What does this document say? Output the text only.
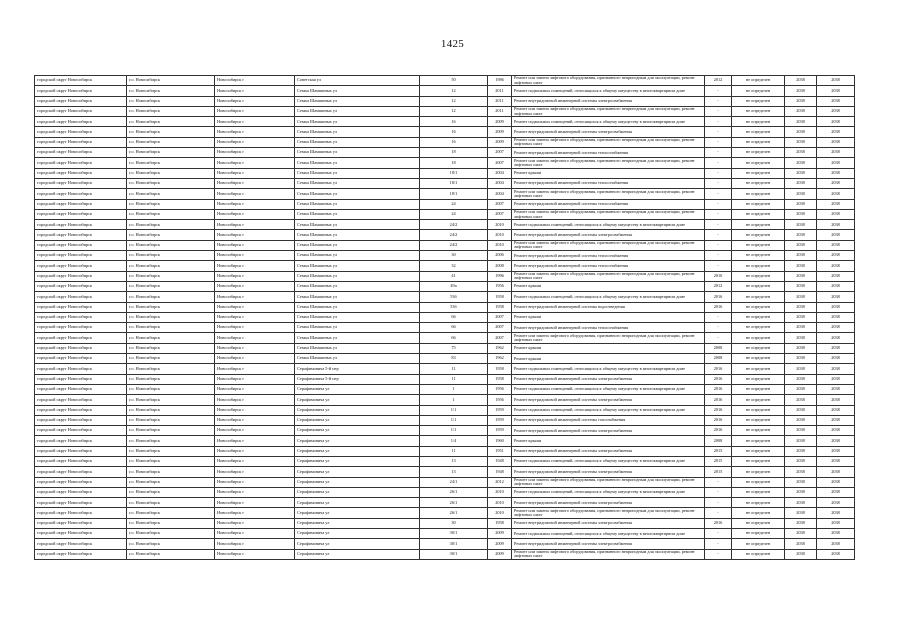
1425
городской округ Новосибирск	г.о. Новосибирск	Новосибирск г	Советская ул	50	1986	Ремонт или замена лифтового оборудования, признанного непригодным для эксплуатации, ремонт лифтовых шахт	2012	не определен	2038	2038
городской округ Новосибирск	г.о. Новосибирск	Новосибирск г	Семьи Шамшиных ул	12	2011	Ремонт подвальных помещений, относящихся к общему имуществу в многоквартирном доме	-	не определен	2038	2038
городской округ Новосибирск	г.о. Новосибирск	Новосибирск г	Семьи Шамшиных ул	12	2011	Ремонт внутридомовой инженерной системы электроснабжения	-	не определен	2038	2038
городской округ Новосибирск	г.о. Новосибирск	Новосибирск г	Семьи Шамшиных ул	12	2011	Ремонт или замена лифтового оборудования, признанного непригодным для эксплуатации, ремонт лифтовых шахт	-	не определен	2038	2038
городской округ Новосибирск	г.о. Новосибирск	Новосибирск г	Семьи Шамшиных ул	16	2009	Ремонт подвальных помещений, относящихся к общему имуществу в многоквартирном доме	-	не определен	2038	2038
городской округ Новосибирск	г.о. Новосибирск	Новосибирск г	Семьи Шамшиных ул	16	2009	Ремонт внутридомовой инженерной системы электроснабжения	-	не определен	2038	2038
городской округ Новосибирск	г.о. Новосибирск	Новосибирск г	Семьи Шамшиных ул	16	2009	Ремонт или замена лифтового оборудования, признанного непригодным для эксплуатации, ремонт лифтовых шахт	-	не определен	2038	2038
городской округ Новосибирск	г.о. Новосибирск	Новосибирск г	Семьи Шамшиных ул	18	2007	Ремонт внутридомовой инженерной системы теплоснабжения	-	не определен	2038	2038
городской округ Новосибирск	г.о. Новосибирск	Новосибирск г	Семьи Шамшиных ул	18	2007	Ремонт или замена лифтового оборудования, признанного непригодным для эксплуатации, ремонт лифтовых шахт	-	не определен	2038	2038
городской округ Новосибирск	г.о. Новосибирск	Новосибирск г	Семьи Шамшиных ул	18/1	2004	Ремонт крыши	-	не определен	2038	2038
городской округ Новосибирск	г.о. Новосибирск	Новосибирск г	Семьи Шамшиных ул	18/1	2004	Ремонт внутридомовой инженерной системы теплоснабжения	-	не определен	2038	2038
городской округ Новосибирск	г.о. Новосибирск	Новосибирск г	Семьи Шамшиных ул	18/1	2004	Ремонт или замена лифтового оборудования, признанного непригодным для эксплуатации, ремонт лифтовых шахт	-	не определен	2038	2038
городской округ Новосибирск	г.о. Новосибирск	Новосибирск г	Семьи Шамшиных ул	24	2007	Ремонт внутридомовой инженерной системы теплоснабжения	-	не определен	2038	2038
городской округ Новосибирск	г.о. Новосибирск	Новосибирск г	Семьи Шамшиных ул	24	2007	Ремонт или замена лифтового оборудования, признанного непригодным для эксплуатации, ремонт лифтовых шахт	-	не определен	2038	2038
городской округ Новосибирск	г.о. Новосибирск	Новосибирск г	Семьи Шамшиных ул	24/2	2010	Ремонт подвальных помещений, относящихся к общему имуществу в многоквартирном доме	-	не определен	2038	2038
городской округ Новосибирск	г.о. Новосибирск	Новосибирск г	Семьи Шамшиных ул	24/2	2010	Ремонт внутридомовой инженерной системы электроснабжения	-	не определен	2038	2038
городской округ Новосибирск	г.о. Новосибирск	Новосибирск г	Семьи Шамшиных ул	24/2	2010	Ремонт или замена лифтового оборудования, признанного непригодным для эксплуатации, ремонт лифтовых шахт	-	не определен	2038	2038
городской округ Новосибирск	г.о. Новосибирск	Новосибирск г	Семьи Шамшиных ул	30	2006	Ремонт внутридомовой инженерной системы теплоснабжения	-	не определен	2038	2038
городской округ Новосибирск	г.о. Новосибирск	Новосибирск г	Семьи Шамшиных ул	32	2008	Ремонт внутридомовой инженерной системы теплоснабжения	-	не определен	2038	2038
городской округ Новосибирск	г.о. Новосибирск	Новосибирск г	Семьи Шамшиных ул	41	1996	Ремонт или замена лифтового оборудования, признанного непригодным для эксплуатации, ремонт лифтовых шахт	2010	не определен	2038	2038
городской округ Новосибирск	г.о. Новосибирск	Новосибирск г	Семьи Шамшиных ул	49а	1956	Ремонт крыши	2012	не определен	2038	2038
городской округ Новосибирск	г.о. Новосибирск	Новосибирск г	Семьи Шамшиных ул	53б	1958	Ремонт подвальных помещений, относящихся к общему имуществу в многоквартирном доме	2016	не определен	2038	2038
городской округ Новосибирск	г.о. Новосибирск	Новосибирск г	Семьи Шамшиных ул	53б	1958	Ремонт внутридомовой инженерной системы водоотведения	2016	не определен	2038	2038
городской округ Новосибирск	г.о. Новосибирск	Новосибирск г	Семьи Шамшиных ул	66	2007	Ремонт крыши	-	не определен	2038	2038
городской округ Новосибирск	г.о. Новосибирск	Новосибирск г	Семьи Шамшиных ул	66	2007	Ремонт внутридомовой инженерной системы теплоснабжения	-	не определен	2038	2038
городской округ Новосибирск	г.о. Новосибирск	Новосибирск г	Семьи Шамшиных ул	66	2007	Ремонт или замена лифтового оборудования, признанного непригодным для эксплуатации, ремонт лифтовых шахт	-	не определен	2038	2038
городской округ Новосибирск	г.о. Новосибирск	Новосибирск г	Семьи Шамшиных ул	75	1962	Ремонт крыши	2008	не определен	2038	2038
городской округ Новосибирск	г.о. Новосибирск	Новосибирск г	Семьи Шамшиных ул	83	1962	Ремонт крыши	2008	не определен	2038	2038
городской округ Новосибирск	г.о. Новосибирск	Новосибирск г	Серафимовича 5-й пер	11	1958	Ремонт подвальных помещений, относящихся к общему имуществу в многоквартирном доме	2016	не определен	2038	2038
городской округ Новосибирск	г.о. Новосибирск	Новосибирск г	Серафимовича 5-й пер	11	1958	Ремонт внутридомовой инженерной системы электроснабжения	2016	не определен	2038	2038
городской округ Новосибирск	г.о. Новосибирск	Новосибирск г	Серафимовича ул	1	1956	Ремонт подвальных помещений, относящихся к общему имуществу в многоквартирном доме	2016	не определен	2038	2038
городской округ Новосибирск	г.о. Новосибирск	Новосибирск г	Серафимовича ул	1	1956	Ремонт внутридомовой инженерной системы электроснабжения	2016	не определен	2038	2038
городской округ Новосибирск	г.о. Новосибирск	Новосибирск г	Серафимовича ул	1/1	1959	Ремонт подвальных помещений, относящихся к общему имуществу в многоквартирном доме	2016	не определен	2038	2038
городской округ Новосибирск	г.о. Новосибирск	Новосибирск г	Серафимовича ул	1/1	1959	Ремонт внутридомовой инженерной системы газоснабжения	2016	не определен	2038	2038
городской округ Новосибирск	г.о. Новосибирск	Новосибирск г	Серафимовича ул	1/1	1959	Ремонт внутридомовой инженерной системы электроснабжения	2016	не определен	2038	2038
городской округ Новосибирск	г.о. Новосибирск	Новосибирск г	Серафимовича ул	1/4	1960	Ремонт крыши	2008	не определен	2038	2038
городской округ Новосибирск	г.о. Новосибирск	Новосибирск г	Серафимовича ул	11	1951	Ремонт внутридомовой инженерной системы электроснабжения	2015	не определен	2038	2038
городской округ Новосибирск	г.о. Новосибирск	Новосибирск г	Серафимовича ул	13	1948	Ремонт подвальных помещений, относящихся к общему имуществу в многоквартирном доме	2015	не определен	2038	2038
городской округ Новосибирск	г.о. Новосибирск	Новосибирск г	Серафимовича ул	13	1948	Ремонт внутридомовой инженерной системы электроснабжения	2015	не определен	2038	2038
городской округ Новосибирск	г.о. Новосибирск	Новосибирск г	Серафимовича ул	24/1	2012	Ремонт или замена лифтового оборудования, признанного непригодным для эксплуатации, ремонт лифтовых шахт	-	не определен	2038	2038
городской округ Новосибирск	г.о. Новосибирск	Новосибирск г	Серафимовича ул	26/1	2010	Ремонт подвальных помещений, относящихся к общему имуществу в многоквартирном доме	-	не определен	2038	2038
городской округ Новосибирск	г.о. Новосибирск	Новосибирск г	Серафимовича ул	26/1	2010	Ремонт внутридомовой инженерной системы электроснабжения	-	не определен	2038	2038
городской округ Новосибирск	г.о. Новосибирск	Новосибирск г	Серафимовича ул	26/1	2010	Ремонт или замена лифтового оборудования, признанного непригодным для эксплуатации, ремонт лифтовых шахт	-	не определен	2038	2038
городской округ Новосибирск	г.о. Новосибирск	Новосибирск г	Серафимовича ул	30	1958	Ремонт внутридомовой инженерной системы электроснабжения	2016	не определен	2038	2038
городской округ Новосибирск	г.о. Новосибирск	Новосибирск г	Серафимовича ул	30/1	2009	Ремонт подвальных помещений, относящихся к общему имуществу в многоквартирном доме	-	не определен	2038	2038
городской округ Новосибирск	г.о. Новосибирск	Новосибирск г	Серафимовича ул	30/1	2009	Ремонт внутридомовой инженерной системы электроснабжения	-	не определен	2038	2038
городской округ Новосибирск	г.о. Новосибирск	Новосибирск г	Серафимовича ул	30/1	2009	Ремонт или замена лифтового оборудования, признанного непригодным для эксплуатации, ремонт лифтовых шахт	-	не определен	2038	2038
